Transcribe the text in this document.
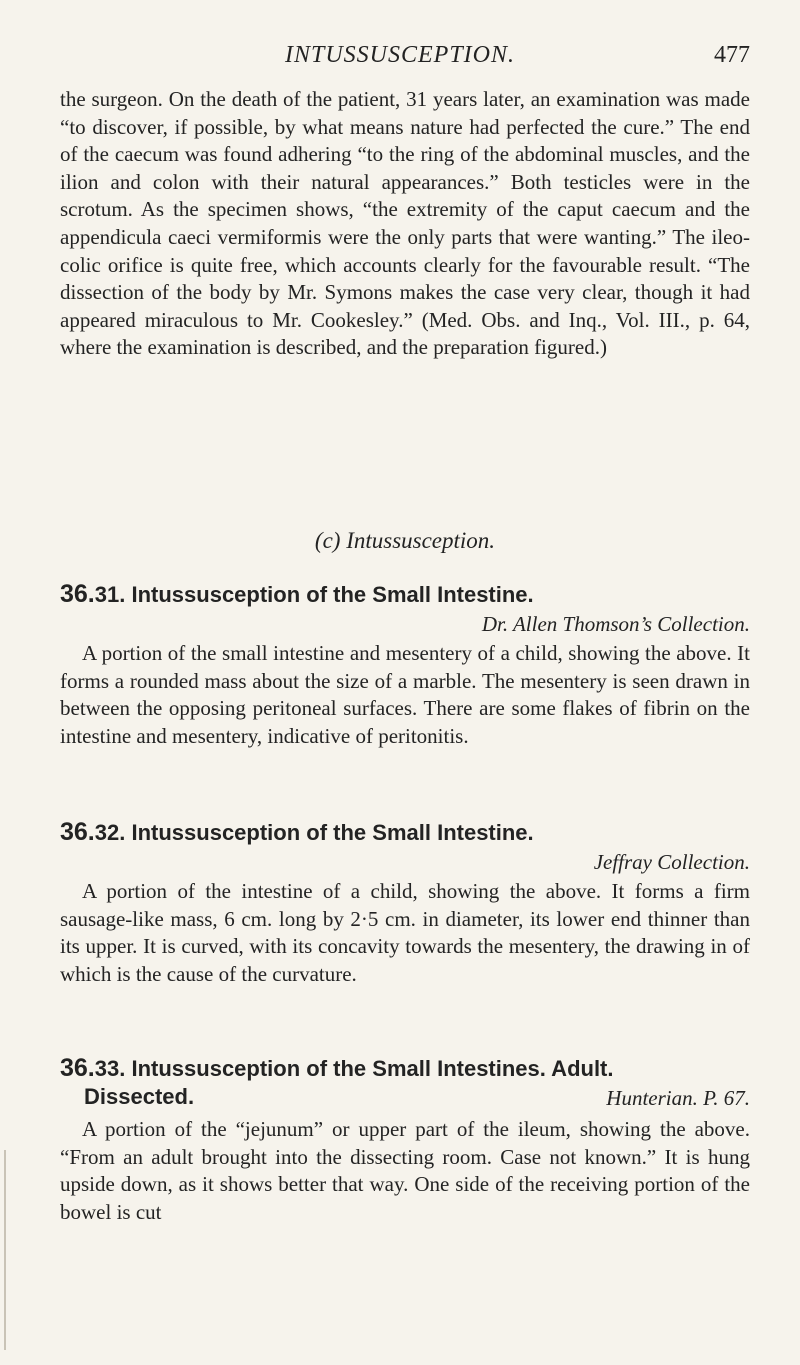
INTUSSUSCEPTION.	477

the surgeon. On the death of the patient, 31 years later, an examination was made “to discover, if possible, by what means nature had perfected the cure.” The end of the caecum was found adhering “to the ring of the abdominal muscles, and the ilion and colon with their natural appearances.” Both testicles were in the scrotum. As the specimen shows, “the extremity of the caput caecum and the appendicula caeci vermiformis were the only parts that were wanting.” The ileo-colic orifice is quite free, which accounts clearly for the favourable result. “The dissection of the body by Mr. Symons makes the case very clear, though it had appeared miraculous to Mr. Cookesley.” (Med. Obs. and Inq., Vol. III., p. 64, where the examination is described, and the preparation figured.)

(c) Intussusception.
36.31. Intussusception of the Small Intestine.
Dr. Allen Thomson’s Collection.

A portion of the small intestine and mesentery of a child, showing the above. It forms a rounded mass about the size of a marble. The mesentery is seen drawn in between the opposing peritoneal surfaces. There are some flakes of fibrin on the intestine and mesentery, indicative of peritonitis.

36.32. Intussusception of the Small Intestine.
Jeffray Collection.

A portion of the intestine of a child, showing the above. It forms a firm sausage-like mass, 6 cm. long by 2·5 cm. in diameter, its lower end thinner than its upper. It is curved, with its concavity towards the mesentery, the drawing in of which is the cause of the curvature.

36.33. Intussusception of the Small Intestines. Adult.
Dissected.	Hunterian. P. 67.

A portion of the “jejunum” or upper part of the ileum, showing the above. “From an adult brought into the dissecting room. Case not known.” It is hung upside down, as it shows better that way. One side of the receiving portion of the bowel is cut
